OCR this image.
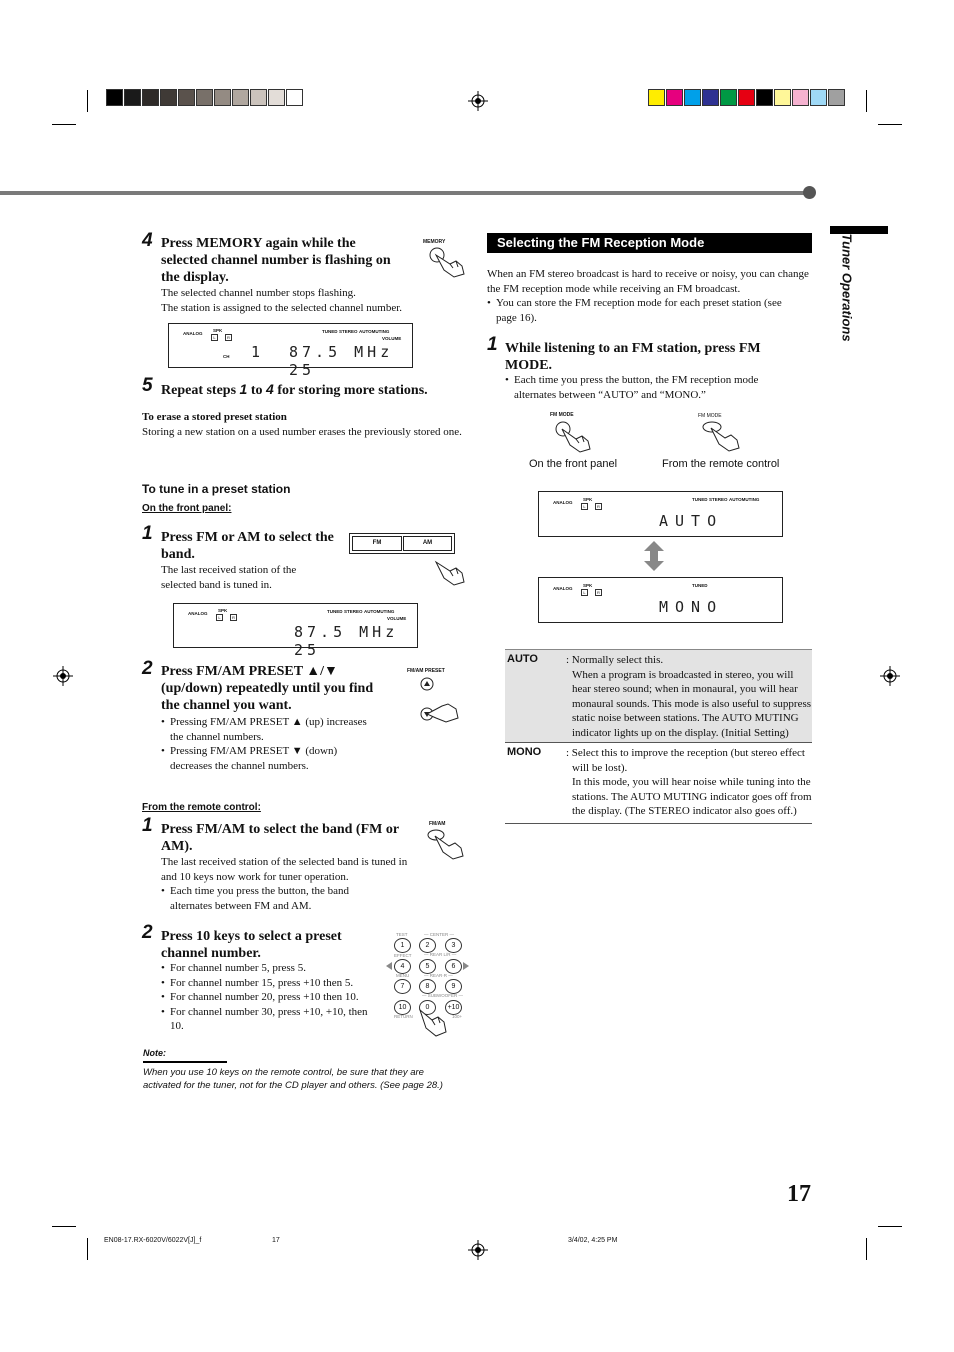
Tuner Operations
4 Press MEMORY again while the selected channel number is flashing on the display.
The selected channel number stops flashing.
The station is assigned to the selected channel number.
MEMORY
ANALOG
SPK
L	R
TUNED STEREO AUTOMUTING
VOLUME
CH 1 87.5 MHz 25
5 Repeat steps 1 to 4 for storing more stations.
To erase a stored preset station
Storing a new station on a used number erases the previously stored one.
To tune in a preset station
On the front panel:
1 Press FM or AM to select the band.
The last received station of the selected band is tuned in.
FM	AM
ANALOG
SPK
L	R
TUNED STEREO AUTOMUTING
VOLUME
87.5 MHz 25
2 Press FM/AM PRESET ▲/▼ (up/down) repeatedly until you find the channel you want.
• Pressing FM/AM PRESET ▲ (up) increases the channel numbers.
• Pressing FM/AM PRESET ▼ (down) decreases the channel numbers.
FM/AM PRESET
From the remote control:
1 Press FM/AM to select the band (FM or AM).
The last received station of the selected band is tuned in and 10 keys now work for tuner operation.
• Each time you press the button, the band alternates between FM and AM.
FM/AM
2 Press 10 keys to select a preset channel number.
• For channel number 5, press 5.
• For channel number 15, press +10 then 5.
• For channel number 20, press +10 then 10.
• For channel number 30, press +10, +10, then 10.
TEST	— CENTER —
EFFECT	— REAR L/R —
MENU	— REAR·R —
— SUBWOOFER —
RETURN	100+
1	2	3
4	5	6
7	8	9
10	0	+10
Note:
When you use 10 keys on the remote control, be sure that they are activated for the tuner, not for the CD player and others. (See page 28.)
Selecting the FM Reception Mode
When an FM stereo broadcast is hard to receive or noisy, you can change the FM reception mode while receiving an FM broadcast.
• You can store the FM reception mode for each preset station (see page 16).
1 While listening to an FM station, press FM MODE.
• Each time you press the button, the FM reception mode alternates between “AUTO” and “MONO.”
FM MODE
On the front panel
FM MODE
From the remote control
ANALOG
SPK
L	R
TUNED STEREO AUTOMUTING
AUTO
ANALOG
SPK
L	R
TUNED
MONO
AUTO	: Normally select this.
When a program is broadcasted in stereo, you will hear stereo sound; when in monaural, you will hear monaural sounds. This mode is also useful to suppress static noise between stations. The AUTO MUTING indicator lights up on the display. (Initial Setting)
MONO : Select this to improve the reception (but stereo effect will be lost).
In this mode, you will hear noise while tuning into the stations. The AUTO MUTING indicator goes off from the display. (The STEREO indicator also goes off.)
17
EN08-17.RX-6020V/6022V[J]_f	17	3/4/02, 4:25 PM
